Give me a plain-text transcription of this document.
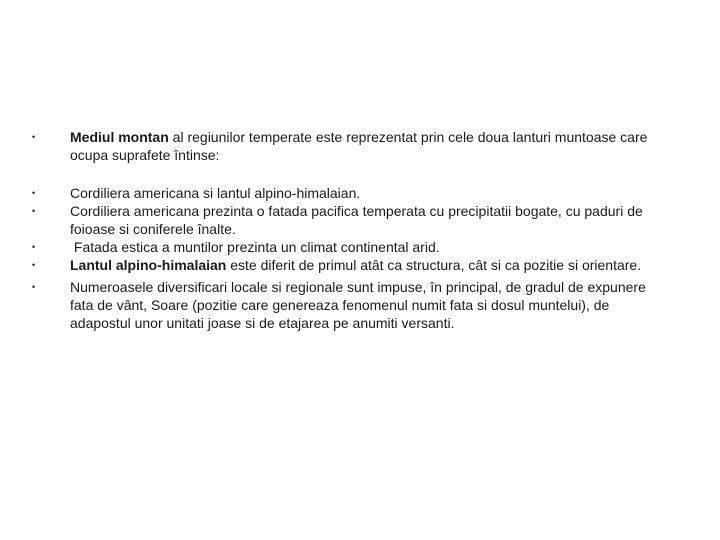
• Mediul montan al regiunilor temperate este reprezentat prin cele doua lanturi muntoase care ocupa suprafete întinse:
• Cordiliera americana si lantul alpino-himalaian.
• Cordiliera americana prezinta o fatada pacifica temperata cu precipitatii bogate, cu paduri de foioase si coniferele înalte.
• Fatada estica a muntilor prezinta un climat continental arid.
• Lantul alpino-himalaian este diferit de primul atât ca structura, cât si ca pozitie si orientare.
• Numeroasele diversificari locale si regionale sunt impuse, în principal, de gradul de expunere fata de vânt, Soare (pozitie care genereaza fenomenul numit fata si dosul muntelui), de adapostul unor unitati joase si de etajarea pe anumiti versanti.
